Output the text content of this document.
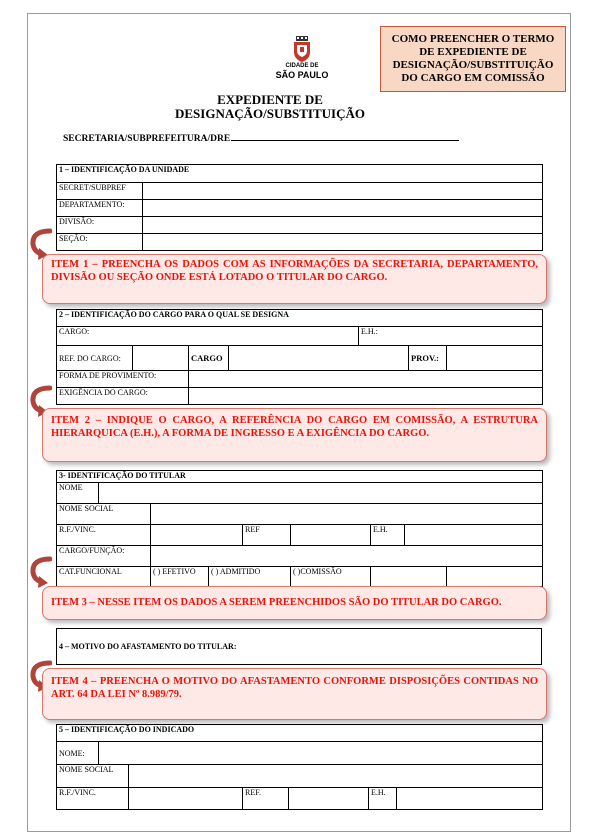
COMO PREENCHER O TERMO DE EXPEDIENTE DE DESIGNAÇÃO/SUBSTITUIÇÃO DO CARGO EM COMISSÃO
CIDADE DE
SÃO PAULO
EXPEDIENTE DE
DESIGNAÇÃO/SUBSTITUIÇÃO
SECRETARIA/SUBPREFEITURA/DRE
1 – IDENTIFICAÇÃO DA UNIDADE	
SECRET/SUBPREF	
DEPARTAMENTO:	
DIVISÃO:	
SEÇÃO:	
ITEM 1 – PREENCHA OS DADOS COM AS INFORMAÇÕES DA SECRETARIA, DEPARTAMENTO, DIVISÃO OU SEÇÃO ONDE ESTÁ LOTADO O TITULAR DO CARGO.
2 – IDENTIFICAÇÃO DO CARGO PARA O QUAL SE DESIGNA						
CARGO:				E.H.:		
REF. DO CARGO:		CARGO			PROV.:	
FORMA DE PROVIMENTO:						
EXIGÊNCIA DO CARGO:						
ITEM 2 – INDIQUE O CARGO, A REFERÊNCIA DO CARGO EM COMISSÃO, A ESTRUTURA HIERARQUICA (E.H.), A FORMA DE INGRESSO E A EXIGÊNCIA DO CARGO.
3- IDENTIFICAÇÃO DO TITULAR								
NOME								
NOME SOCIAL								
R.F./VINC.				REF		E.H.		
CARGO/FUNÇÃO:								
CAT.FUNCIONAL		( ) EFETIVO	( ) ADMITIDO		( )COMISSÃO			
ITEM 3 – NESSE ITEM OS DADOS A SEREM PREENCHIDOS SÃO DO TITULAR DO CARGO.
4 – MOTIVO DO AFASTAMENTO DO TITULAR:
ITEM 4 – PREENCHA O MOTIVO DO AFASTAMENTO CONFORME DISPOSIÇÕES CONTIDAS NO ART. 64 DA LEI Nº 8.989/79.
5 – IDENTIFICAÇÃO DO INDICADO						
NOME:						
NOME SOCIAL						
R.F./VINC.			REF.		E.H.	
